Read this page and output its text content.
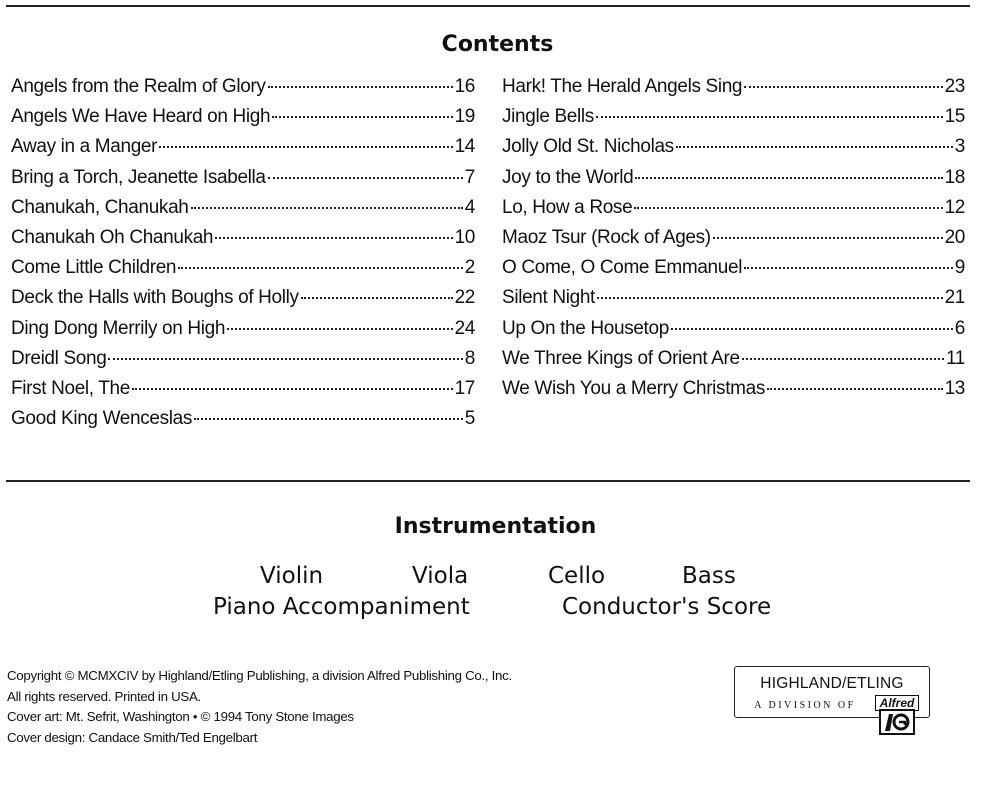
Contents
Angels from the Realm of Glory	16
Angels We Have Heard on High	19
Away in a Manger	14
Bring a Torch, Jeanette Isabella	7
Chanukah, Chanukah	4
Chanukah Oh Chanukah	10
Come Little Children	2
Deck the Halls with Boughs of Holly	22
Ding Dong Merrily on High	24
Dreidl Song	8
First Noel, The	17
Good King Wenceslas	5
Hark! The Herald Angels Sing	23
Jingle Bells	15
Jolly Old St. Nicholas	3
Joy to the World	18
Lo, How a Rose	12
Maoz Tsur (Rock of Ages)	20
O Come, O Come Emmanuel	9
Silent Night	21
Up On the Housetop	6
We Three Kings of Orient Are	11
We Wish You a Merry Christmas	13
Instrumentation
Violin	Viola	Cello	Bass
Piano Accompaniment	Conductor's Score
Copyright © MCMXCIV by Highland/Etling Publishing, a division Alfred Publishing Co., Inc.
All rights reserved. Printed in USA.
Cover art: Mt. Sefrit, Washington • © 1994 Tony Stone Images
Cover design: Candace Smith/Ted Engelbart
HIGHLAND/ETLING
A DIVISION OF	Alfred
